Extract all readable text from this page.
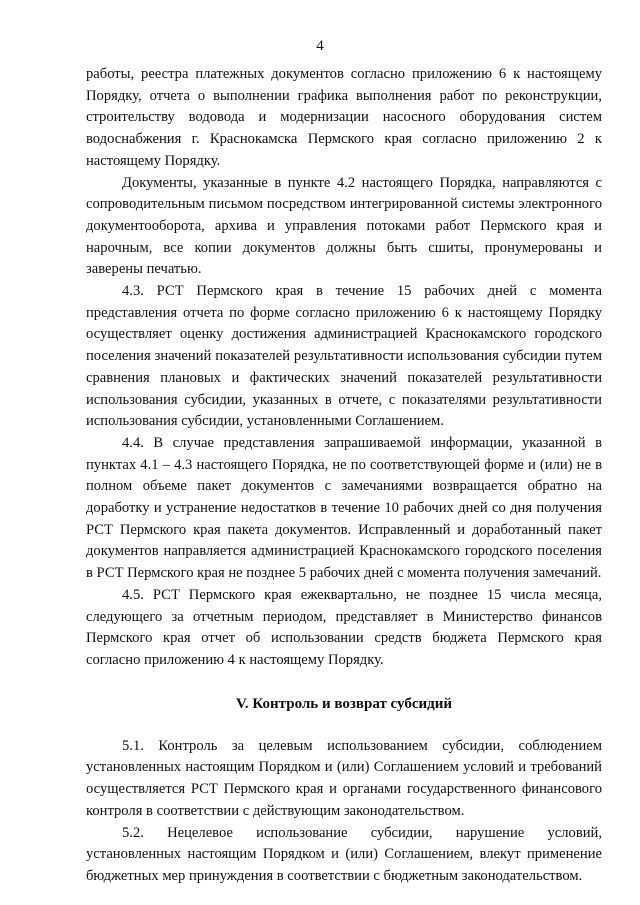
4

работы, реестра платежных документов согласно приложению 6 к настоящему Порядку, отчета о выполнении графика выполнения работ по реконструкции, строительству водовода и модернизации насосного оборудования систем водоснабжения г. Краснокамска Пермского края согласно приложению 2 к настоящему Порядку.

Документы, указанные в пункте 4.2 настоящего Порядка, направляются с сопроводительным письмом посредством интегрированной системы электронного документооборота, архива и управления потоками работ Пермского края и нарочным, все копии документов должны быть сшиты, пронумерованы и заверены печатью.

4.3. РСТ Пермского края в течение 15 рабочих дней с момента представления отчета по форме согласно приложению 6 к настоящему Порядку осуществляет оценку достижения администрацией Краснокамского городского поселения значений показателей результативности использования субсидии путем сравнения плановых и фактических значений показателей результативности использования субсидии, указанных в отчете, с показателями результативности использования субсидии, установленными Соглашением.

4.4. В случае представления запрашиваемой информации, указанной в пунктах 4.1 – 4.3 настоящего Порядка, не по соответствующей форме и (или) не в полном объеме пакет документов с замечаниями возвращается обратно на доработку и устранение недостатков в течение 10 рабочих дней со дня получения РСТ Пермского края пакета документов. Исправленный и доработанный пакет документов направляется администрацией Краснокамского городского поселения в РСТ Пермского края не позднее 5 рабочих дней с момента получения замечаний.

4.5. РСТ Пермского края ежеквартально, не позднее 15 числа месяца, следующего за отчетным периодом, представляет в Министерство финансов Пермского края отчет об использовании средств бюджета Пермского края согласно приложению 4 к настоящему Порядку.

V. Контроль и возврат субсидий

5.1. Контроль за целевым использованием субсидии, соблюдением установленных настоящим Порядком и (или) Соглашением условий и требований осуществляется РСТ Пермского края и органами государственного финансового контроля в соответствии с действующим законодательством.

5.2. Нецелевое использование субсидии, нарушение условий, установленных настоящим Порядком и (или) Соглашением, влекут применение бюджетных мер принуждения в соответствии с бюджетным законодательством.
